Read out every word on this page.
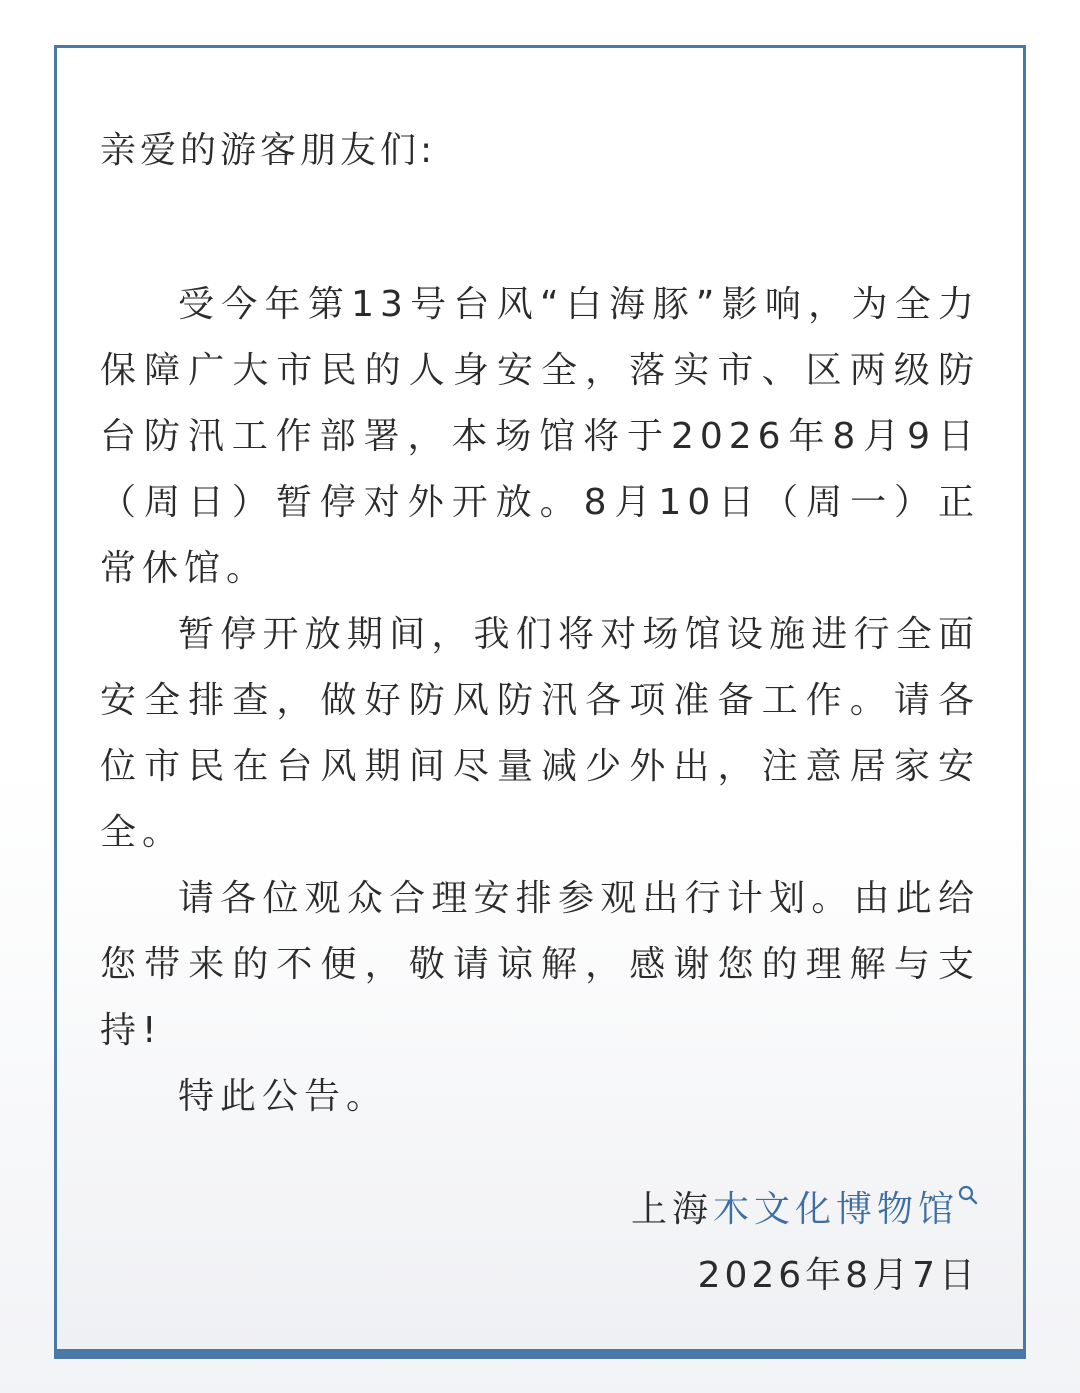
亲爱的游客朋友们:

受今年第13号台风“白海豚”影响，为全力保障广大市民的人身安全，落实市、区两级防台防汛工作部署，本场馆将于2026年8月9日（周日）暂停对外开放。8月10日（周一）正常休馆。

暂停开放期间，我们将对场馆设施进行全面安全排查，做好防风防汛各项准备工作。请各位市民在台风期间尽量减少外出，注意居家安全。

请各位观众合理安排参观出行计划。由此给您带来的不便，敬请谅解，感谢您的理解与支持!

特此公告。

上海木文化博物馆
2026年8月7日
